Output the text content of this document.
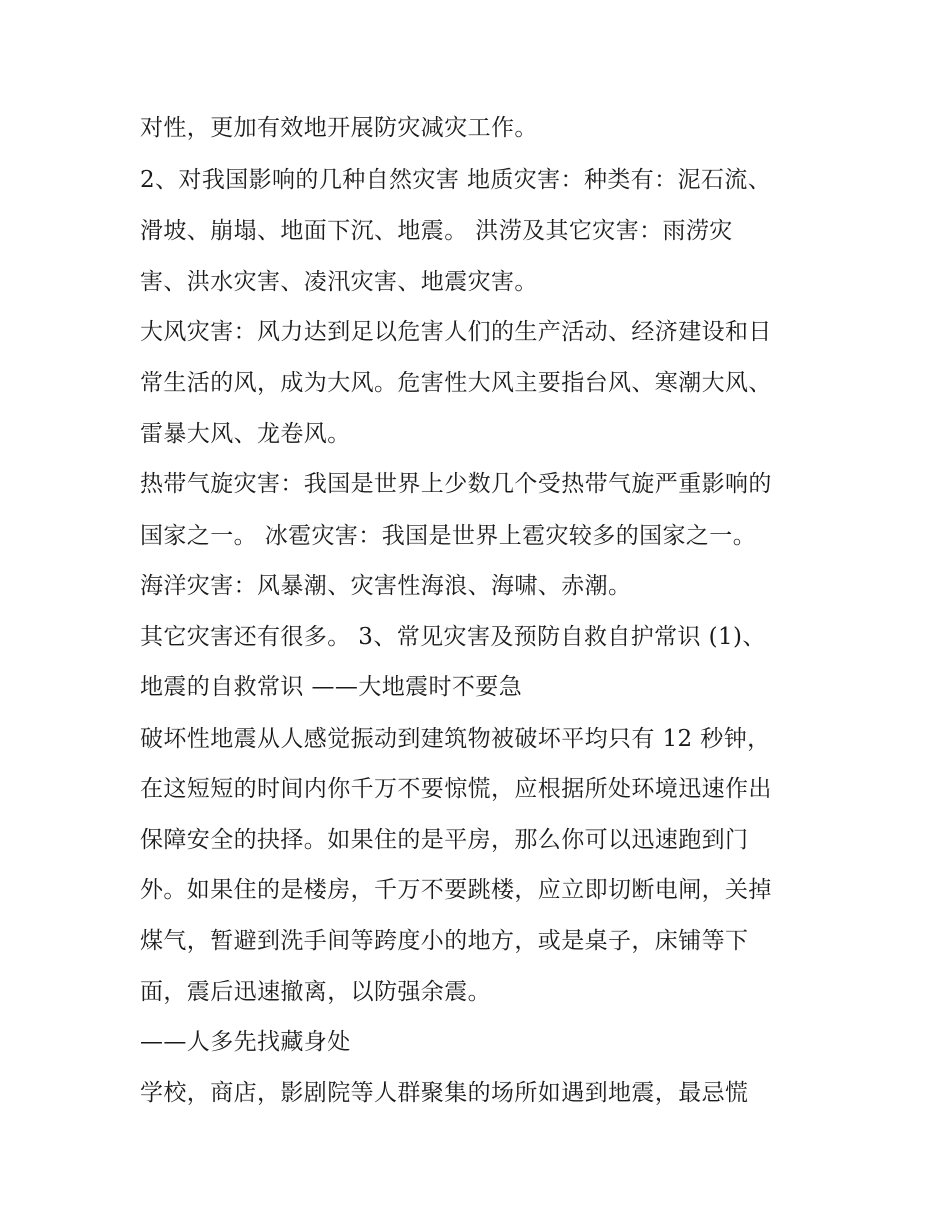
对性，更加有效地开展防灾减灾工作。
2、对我国影响的几种自然灾害 地质灾害：种类有：泥石流、
滑坡、崩塌、地面下沉、地震。 洪涝及其它灾害：雨涝灾
害、洪水灾害、凌汛灾害、地震灾害。
大风灾害：风力达到足以危害人们的生产活动、经济建设和日
常生活的风，成为大风。危害性大风主要指台风、寒潮大风、
雷暴大风、龙卷风。
热带气旋灾害：我国是世界上少数几个受热带气旋严重影响的
国家之一。 冰雹灾害：我国是世界上雹灾较多的国家之一。
海洋灾害：风暴潮、灾害性海浪、海啸、赤潮。
其它灾害还有很多。 3、常见灾害及预防自救自护常识 (1)、
地震的自救常识 ——大地震时不要急
破坏性地震从人感觉振动到建筑物被破坏平均只有 12 秒钟，
在这短短的时间内你千万不要惊慌，应根据所处环境迅速作出
保障安全的抉择。如果住的是平房，那么你可以迅速跑到门
外。如果住的是楼房，千万不要跳楼，应立即切断电闸，关掉
煤气，暂避到洗手间等跨度小的地方，或是桌子，床铺等下
面，震后迅速撤离，以防强余震。
——人多先找藏身处
学校，商店，影剧院等人群聚集的场所如遇到地震，最忌慌
